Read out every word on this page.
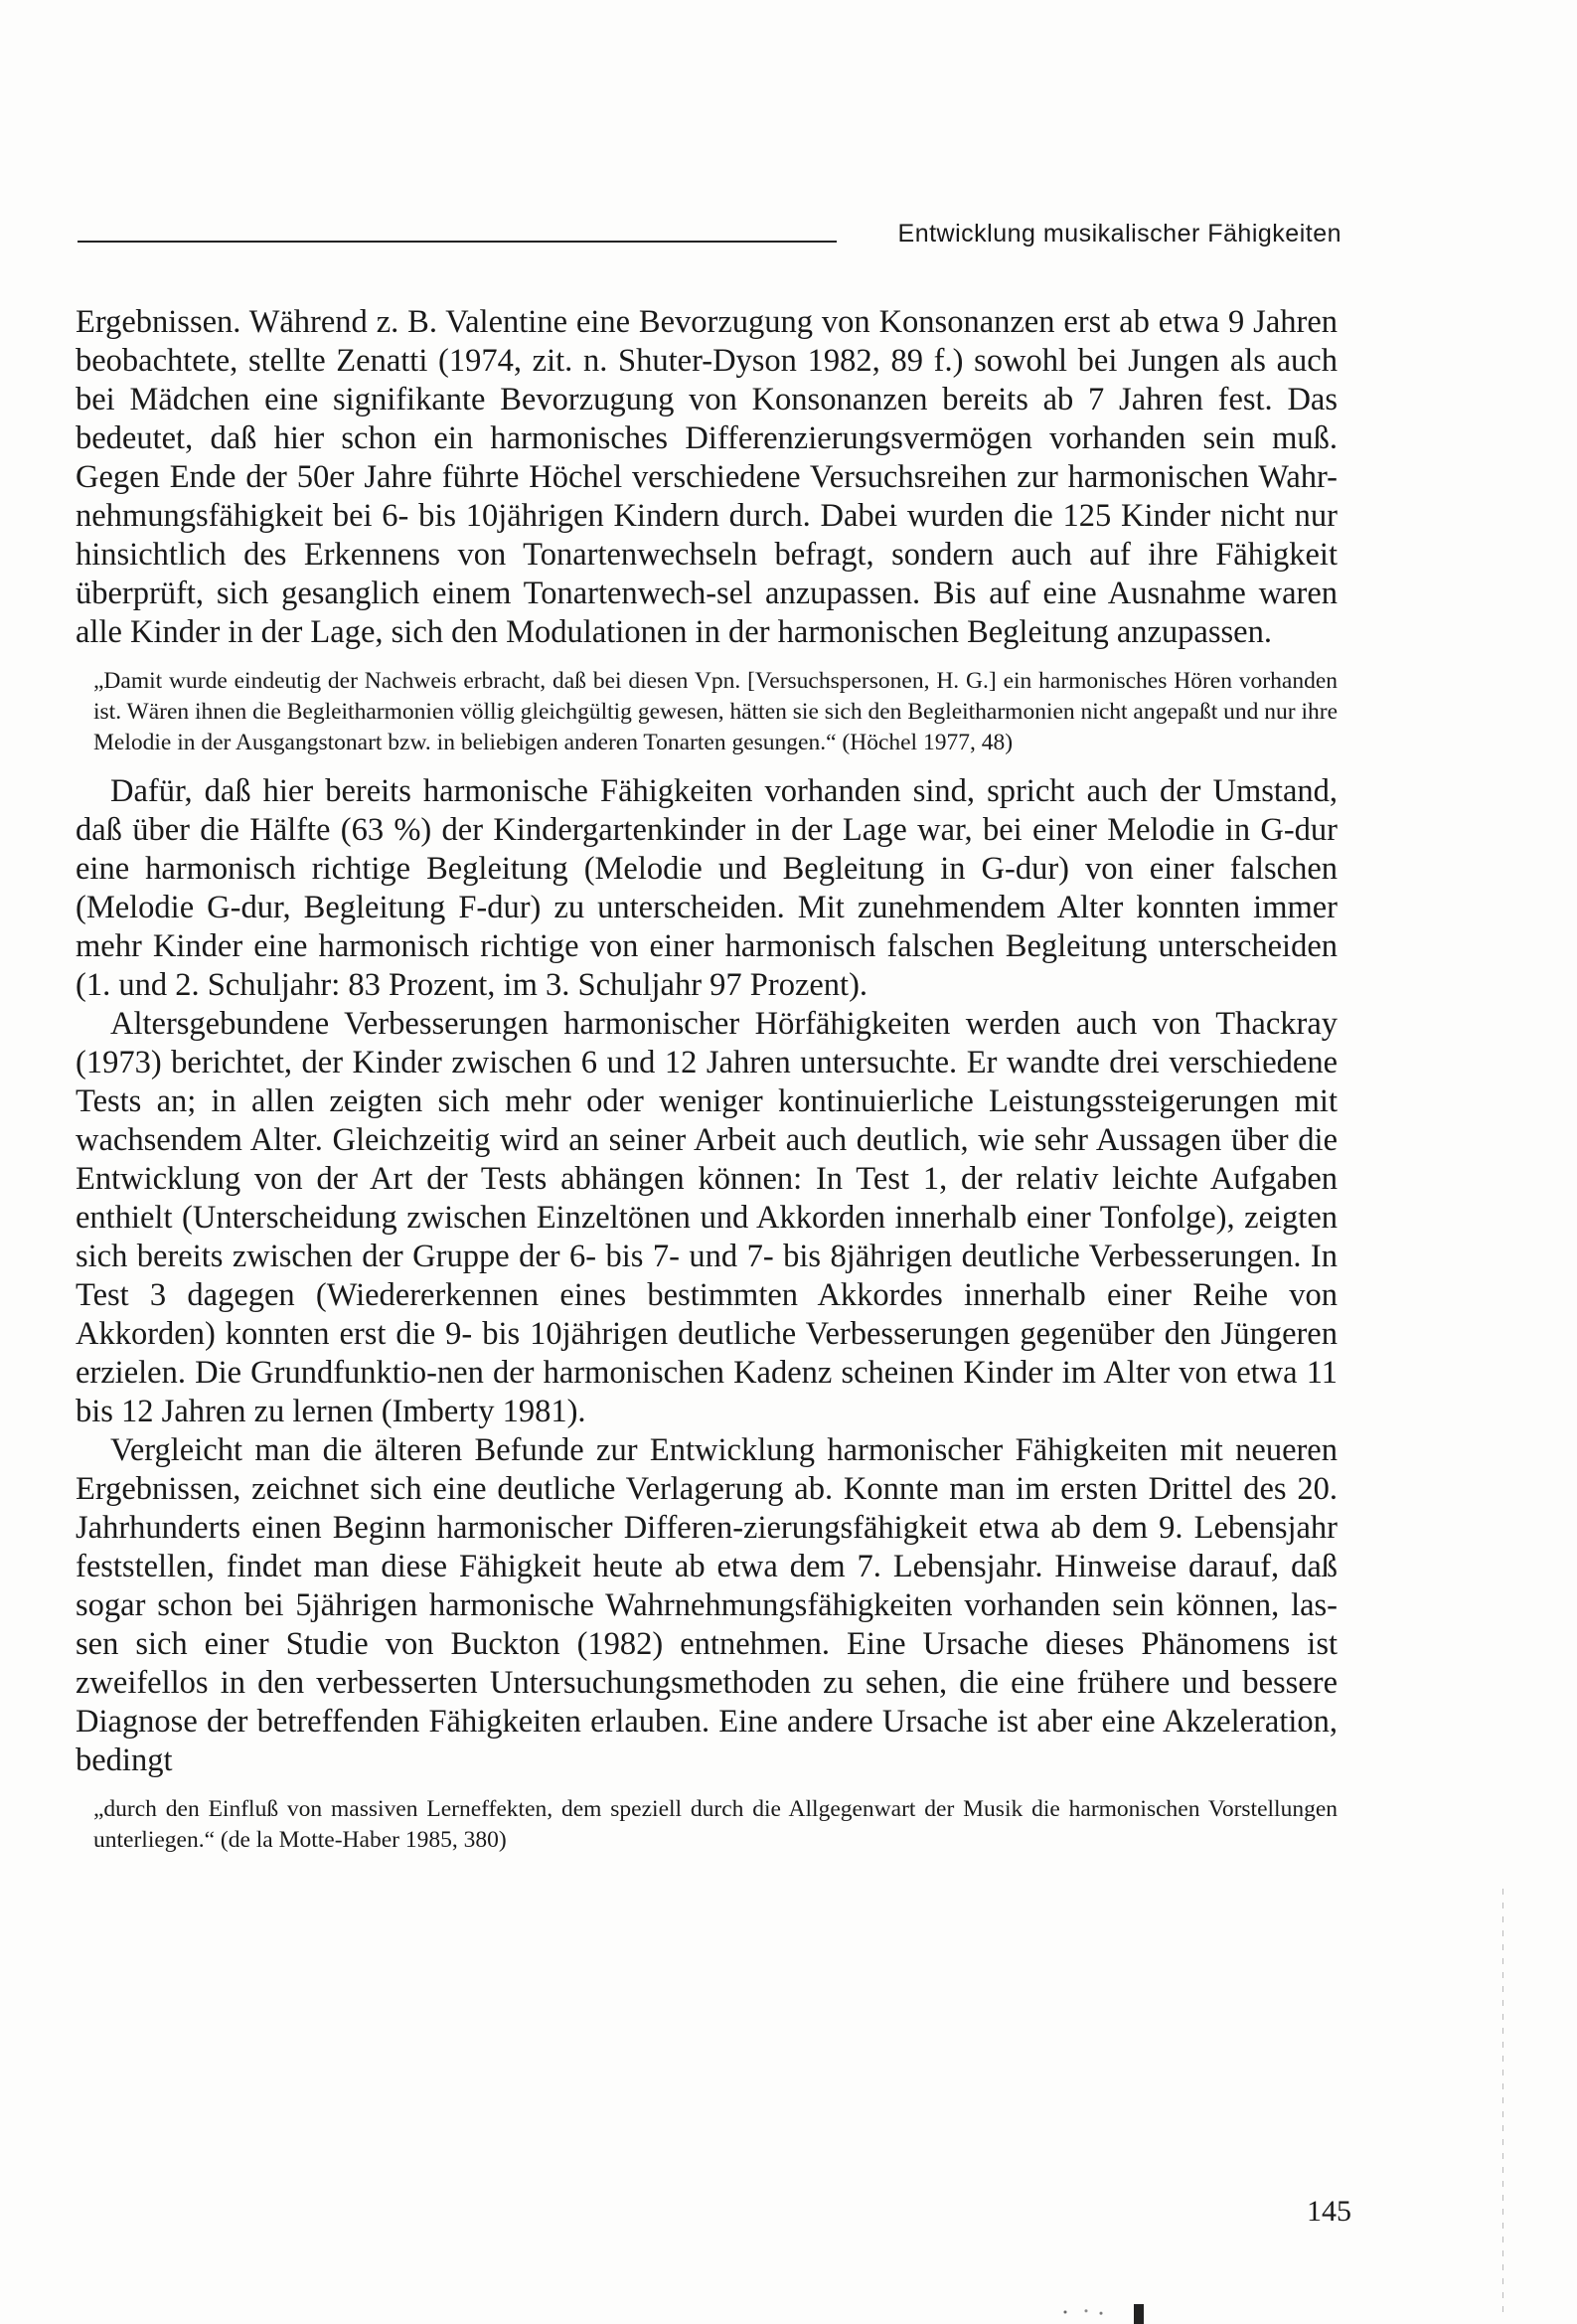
Entwicklung musikalischer Fähigkeiten

Ergebnissen. Während z. B. Valentine eine Bevorzugung von Konsonanzen erst ab etwa 9 Jahren beobachtete, stellte Zenatti (1974, zit. n. Shuter-Dyson 1982, 89 f.) sowohl bei Jungen als auch bei Mädchen eine signifikante Bevorzugung von Konsonanzen bereits ab 7 Jahren fest. Das bedeutet, daß hier schon ein harmonisches Differenzierungsvermögen vorhanden sein muß. Gegen Ende der 50er Jahre führte Höchel verschiedene Versuchsreihen zur harmonischen Wahr-nehmungsfähigkeit bei 6- bis 10jährigen Kindern durch. Dabei wurden die 125 Kinder nicht nur hinsichtlich des Erkennens von Tonartenwechseln befragt, sondern auch auf ihre Fähigkeit überprüft, sich gesanglich einem Tonartenwech-sel anzupassen. Bis auf eine Ausnahme waren alle Kinder in der Lage, sich den Modulationen in der harmonischen Begleitung anzupassen.

„Damit wurde eindeutig der Nachweis erbracht, daß bei diesen Vpn. [Versuchspersonen, H. G.] ein harmonisches Hören vorhanden ist. Wären ihnen die Begleitharmonien völlig gleichgültig gewesen, hätten sie sich den Begleitharmonien nicht angepaßt und nur ihre Melodie in der Ausgangstonart bzw. in beliebigen anderen Tonarten gesungen.“ (Höchel 1977, 48)

Dafür, daß hier bereits harmonische Fähigkeiten vorhanden sind, spricht auch der Umstand, daß über die Hälfte (63 %) der Kindergartenkinder in der Lage war, bei einer Melodie in G-dur eine harmonisch richtige Begleitung (Melodie und Begleitung in G-dur) von einer falschen (Melodie G-dur, Begleitung F-dur) zu unterscheiden. Mit zunehmendem Alter konnten immer mehr Kinder eine harmonisch richtige von einer harmonisch falschen Begleitung unterscheiden (1. und 2. Schuljahr: 83 Prozent, im 3. Schuljahr 97 Prozent).

Altersgebundene Verbesserungen harmonischer Hörfähigkeiten werden auch von Thackray (1973) berichtet, der Kinder zwischen 6 und 12 Jahren untersuchte. Er wandte drei verschiedene Tests an; in allen zeigten sich mehr oder weniger kontinuierliche Leistungssteigerungen mit wachsendem Alter. Gleichzeitig wird an seiner Arbeit auch deutlich, wie sehr Aussagen über die Entwicklung von der Art der Tests abhängen können: In Test 1, der relativ leichte Aufgaben enthielt (Unterscheidung zwischen Einzeltönen und Akkorden innerhalb einer Tonfolge), zeigten sich bereits zwischen der Gruppe der 6- bis 7- und 7- bis 8jährigen deutliche Verbesserungen. In Test 3 dagegen (Wiedererkennen eines bestimmten Akkordes innerhalb einer Reihe von Akkorden) konnten erst die 9- bis 10jährigen deutliche Verbesserungen gegenüber den Jüngeren erzielen. Die Grundfunktio-nen der harmonischen Kadenz scheinen Kinder im Alter von etwa 11 bis 12 Jahren zu lernen (Imberty 1981).

Vergleicht man die älteren Befunde zur Entwicklung harmonischer Fähigkeiten mit neueren Ergebnissen, zeichnet sich eine deutliche Verlagerung ab. Konnte man im ersten Drittel des 20. Jahrhunderts einen Beginn harmonischer Differen-zierungsfähigkeit etwa ab dem 9. Lebensjahr feststellen, findet man diese Fähigkeit heute ab etwa dem 7. Lebensjahr. Hinweise darauf, daß sogar schon bei 5jährigen harmonische Wahrnehmungsfähigkeiten vorhanden sein können, las-sen sich einer Studie von Buckton (1982) entnehmen. Eine Ursache dieses Phänomens ist zweifellos in den verbesserten Untersuchungsmethoden zu sehen, die eine frühere und bessere Diagnose der betreffenden Fähigkeiten erlauben. Eine andere Ursache ist aber eine Akzeleration, bedingt

„durch den Einfluß von massiven Lerneffekten, dem speziell durch die Allgegenwart der Musik die harmonischen Vorstellungen unterliegen.“ (de la Motte-Haber 1985, 380)

145
